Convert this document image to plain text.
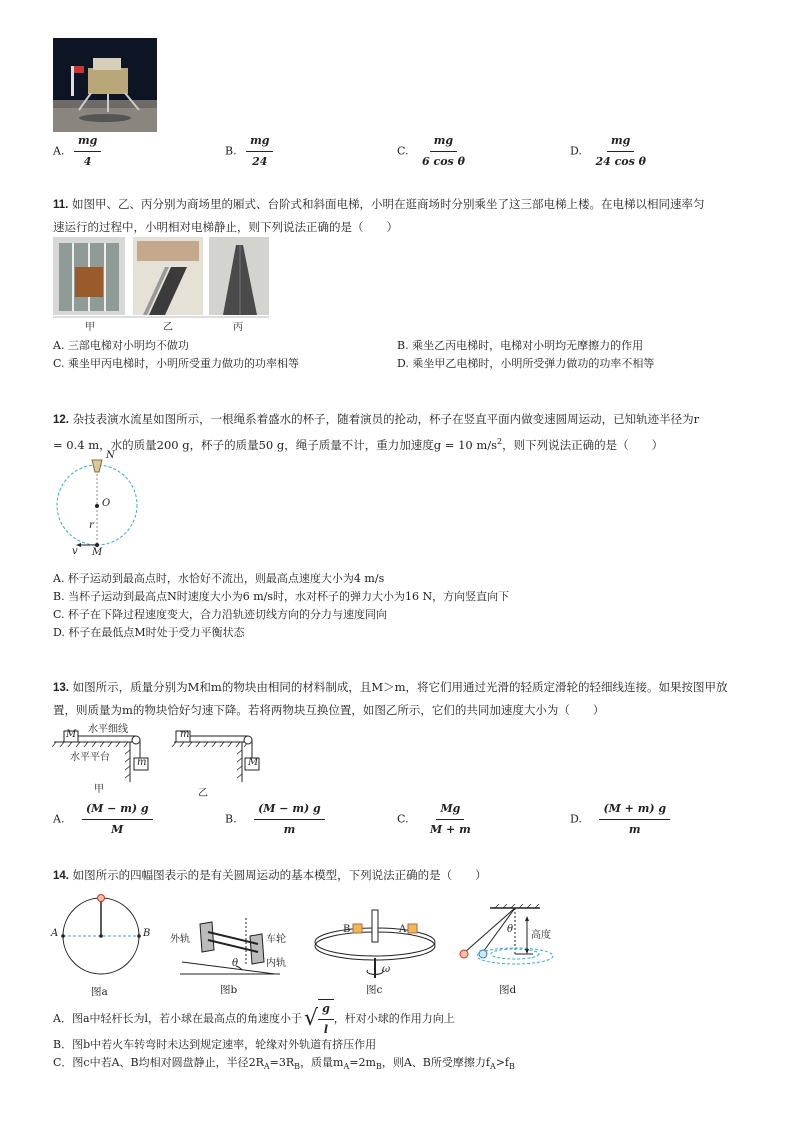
A. $\frac{mg}{4}$	B. $\frac{mg}{24}$	C. $\frac{mg}{\text{6 cos θ}}$	D. $\frac{mg}{\text{24 cos θ}}$
11. 如图甲、乙、丙分别为商场里的厢式、台阶式和斜面电梯，小明在逛商场时分别乘坐了这三部电梯上楼。在电梯以相同速率匀
速运行的过程中，小明相对电梯静止，则下列说法正确的是（　　）
甲	乙	丙
A. 三部电梯对小明均不做功	B. 乘坐乙丙电梯时，电梯对小明均无摩擦力的作用
C. 乘坐甲丙电梯时，小明所受重力做功的功率相等	D. 乘坐甲乙电梯时，小明所受弹力做功的功率不相等
12. 杂技表演水流星如图所示，一根绳系着盛水的杯子，随着演员的抡动，杯子在竖直平面内做变速圆周运动，已知轨迹半径为r
= 0.4 m，水的质量200 g，杯子的质量50 g，绳子质量不计，重力加速度g = 10 $m/s^2$，则下列说法正确的是（　　）
N
O
r
v M
A. 杯子运动到最高点时，水恰好不流出，则最高点速度大小为4 m/s
B. 当杯子运动到最高点N时速度大小为6 m/s时，水对杯子的弹力大小为16 N，方向竖直向下
C. 杯子在下降过程速度变大，合力沿轨迹切线方向的分力与速度同向
D. 杯子在最低点M时处于受力平衡状态
13. 如图所示，质量分别为M和m的物块由相同的材料制成，且M＞m，将它们用通过光滑的轻质定滑轮的轻细线连接。如果按图甲放
置，则质量为m的物块恰好匀速下降。若将两物块互换位置，如图乙所示，它们的共同加速度大小为（　　）
M
m
m
M
水平细线
水平平台
甲	乙
A. $\frac{(M - m) g}{M}$	B. $\frac{(M - m) g}{m}$	C. $\frac{Mg}{M + m}$	D. $\frac{(M + m) g}{m}$
14. 如图所示的四幅图表示的是有关圆周运动的基本模型，下列说法正确的是（　　）
A	B
图a
外轨	车轮
内轨
θ
图b
B	A
ω
图c
θ
高度
图d
A．图a中轻杆长为l，若小球在最高点的角速度小于 √ $\frac{g}{l}$ ，杆对小球的作用力向上
B．图b中若火车转弯时未达到规定速率，轮缘对外轨道有挤压作用
C．图c中若A、B均相对圆盘静止，半径$2R_A=3R_B$，质量$m_A=2m_B$，则A、B所受摩擦力$f_A>f_B$
